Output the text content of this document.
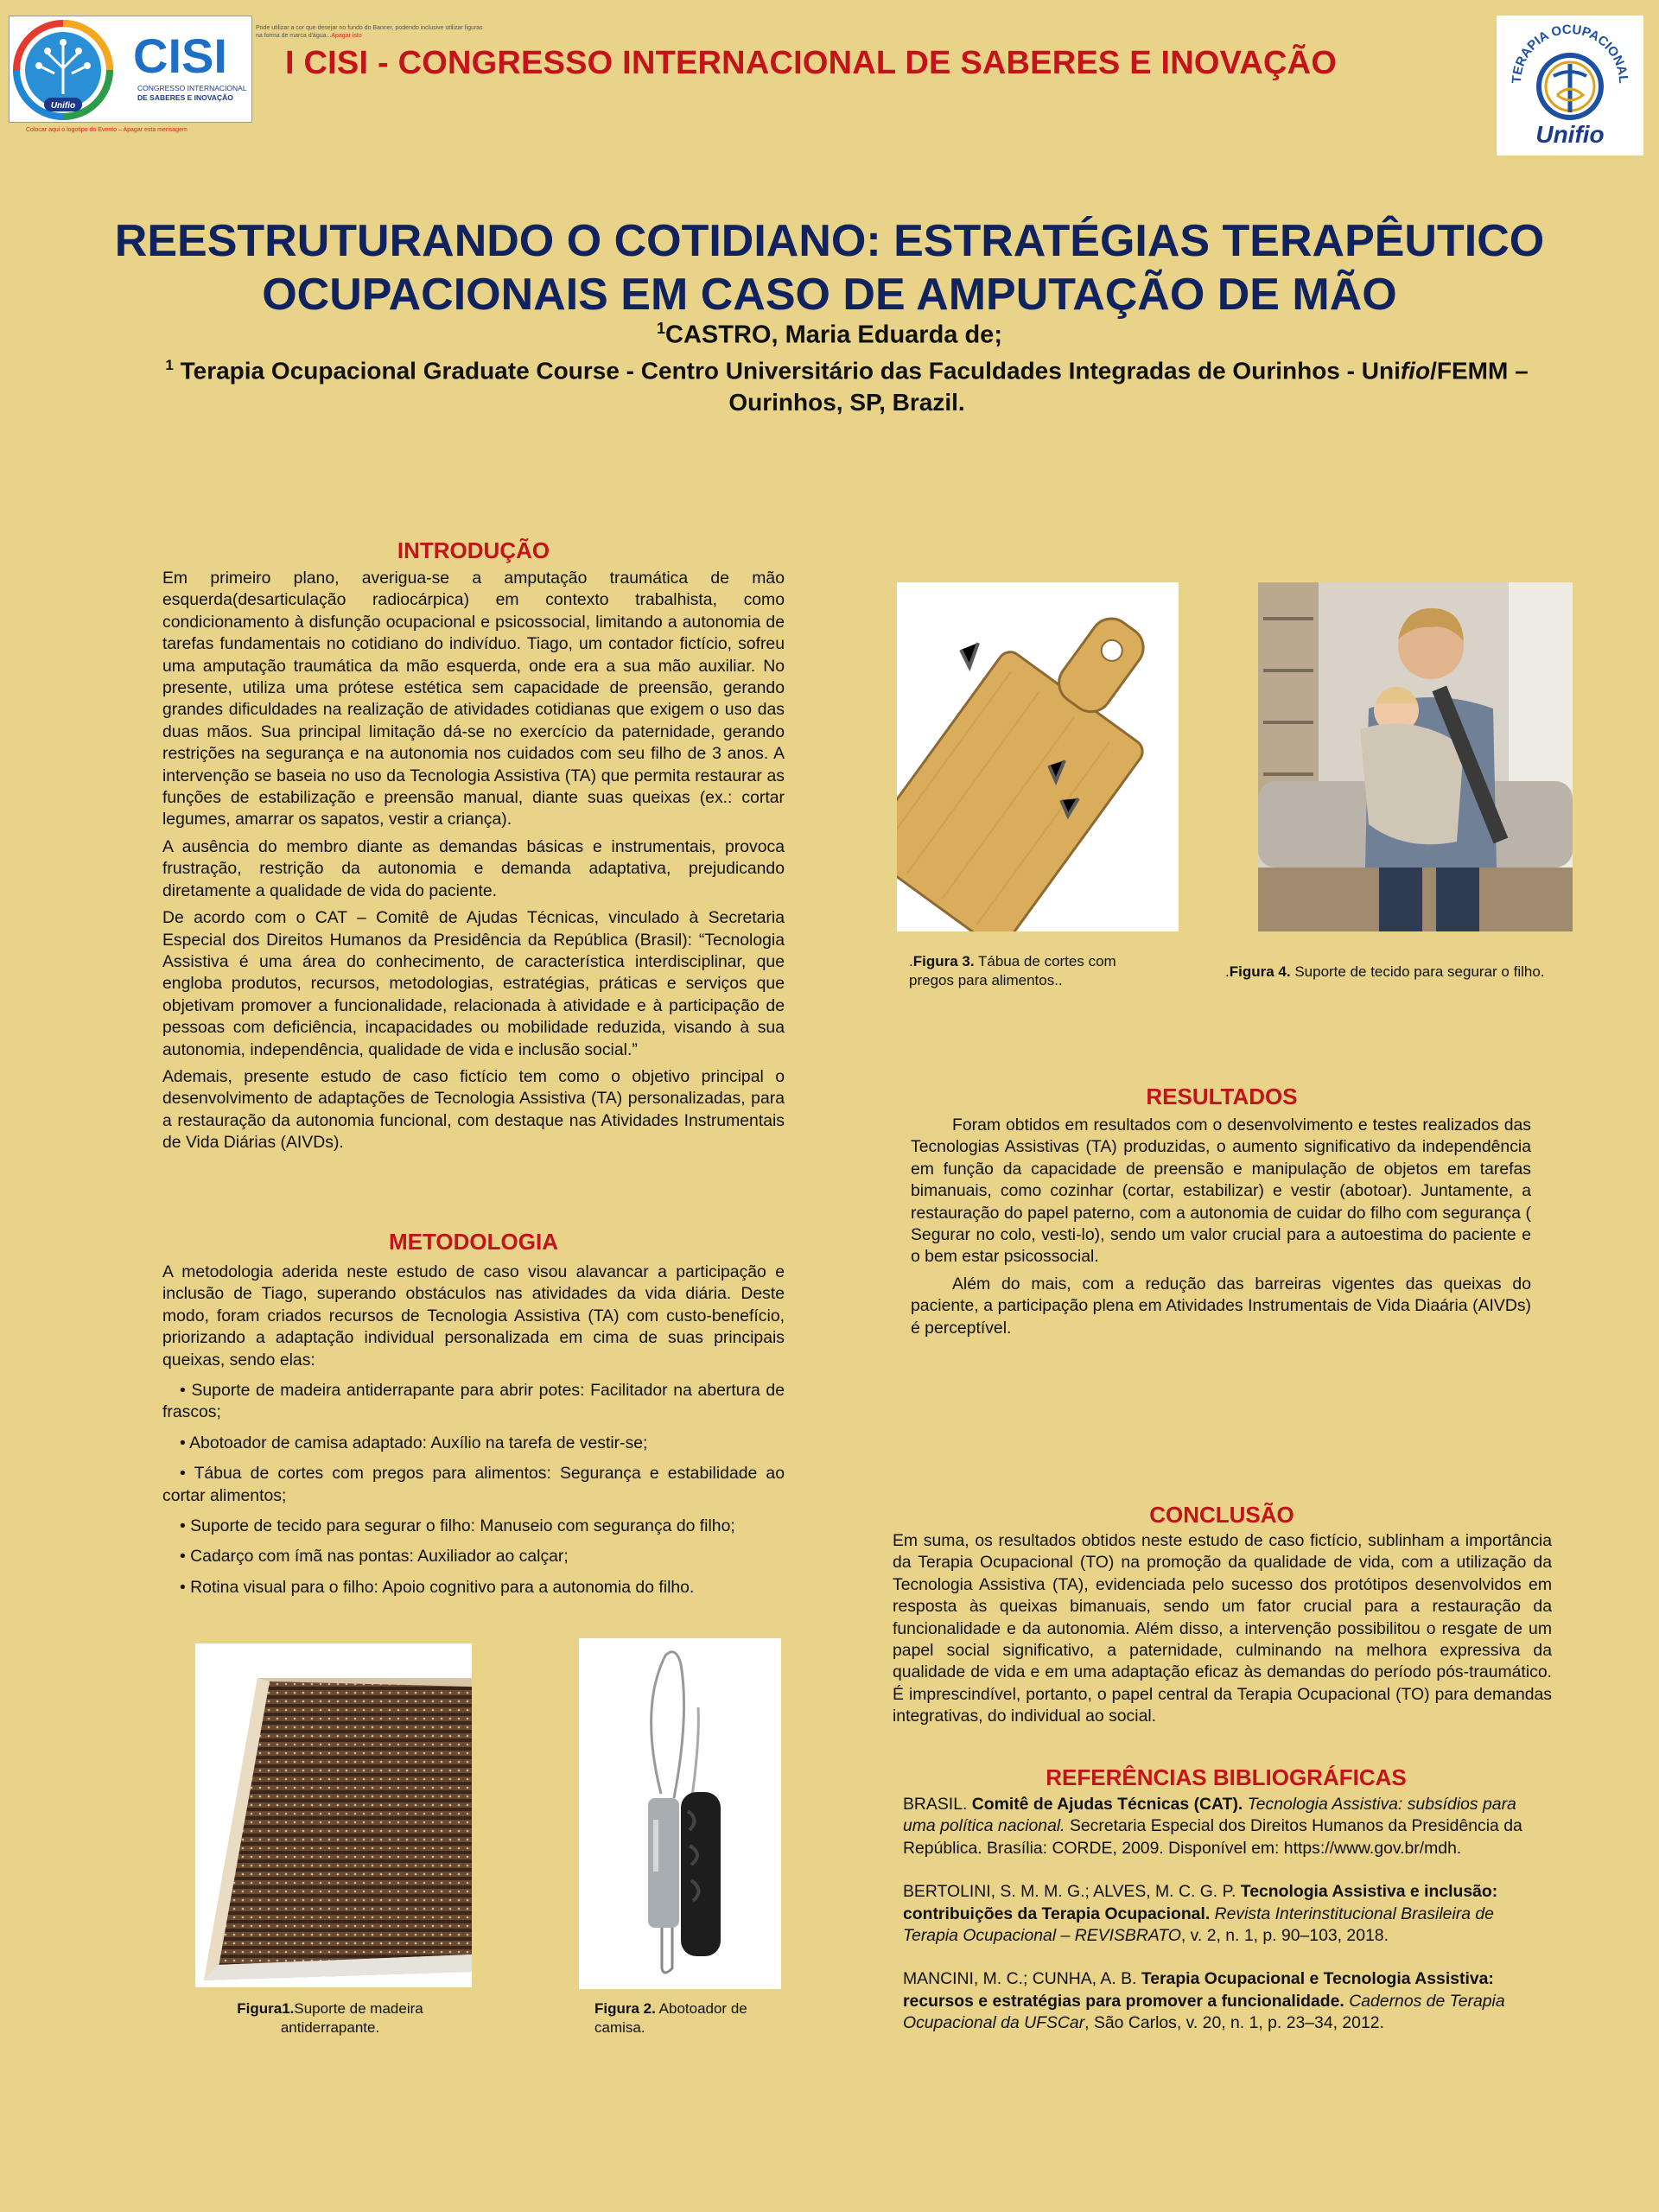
CISI
CONGRESSO INTERNACIONAL
DE SABERES E INOVAÇÃO
Unifio
Pode utilizar a cor que desejar no fundo do Banner, podendo inclusive utilizar figuras
na forma de marca d'água...Apagar isto
Colocar aqui o logotipo do Evento – Apagar esta mensagem
I CISI - CONGRESSO INTERNACIONAL DE SABERES E INOVAÇÃO	TERAPIA OCUPACIONAL
Unifio
REESTRUTURANDO O COTIDIANO: ESTRATÉGIAS TERAPÊUTICO
OCUPACIONAIS EM CASO DE AMPUTAÇÃO DE MÃO
$^1$CASTRO, Maria Eduarda de;
$^1$ Terapia Ocupacional Graduate Course - Centro Universitário das Faculdades Integradas de Ourinhos - Unifio/FEMM –
Ourinhos, SP, Brazil.
INTRODUÇÃO

Em primeiro plano, averigua-se a amputação traumática de mão esquerda(desarticulação radiocárpica) em contexto trabalhista, como condicionamento à disfunção ocupacional e psicossocial, limitando a autonomia de tarefas fundamentais no cotidiano do indivíduo. Tiago, um contador fictício, sofreu uma amputação traumática da mão esquerda, onde era a sua mão auxiliar. No presente, utiliza uma prótese estética sem capacidade de preensão, gerando grandes dificuldades na realização de atividades cotidianas que exigem o uso das duas mãos. Sua principal limitação dá-se no exercício da paternidade, gerando restrições na segurança e na autonomia nos cuidados com seu filho de 3 anos. A intervenção se baseia no uso da Tecnologia Assistiva (TA) que permita restaurar as funções de estabilização e preensão manual, diante suas queixas (ex.: cortar legumes, amarrar os sapatos, vestir a criança).

A ausência do membro diante as demandas básicas e instrumentais, provoca frustração, restrição da autonomia e demanda adaptativa, prejudicando diretamente a qualidade de vida do paciente.

De acordo com o CAT – Comitê de Ajudas Técnicas, vinculado à Secretaria Especial dos Direitos Humanos da Presidência da República (Brasil): “Tecnologia Assistiva é uma área do conhecimento, de característica interdisciplinar, que engloba produtos, recursos, metodologias, estratégias, práticas e serviços que objetivam promover a funcionalidade, relacionada à atividade e à participação de pessoas com deficiência, incapacidades ou mobilidade reduzida, visando à sua autonomia, independência, qualidade de vida e inclusão social.”

Ademais, presente estudo de caso fictício tem como o objetivo principal o desenvolvimento de adaptações de Tecnologia Assistiva (TA) personalizadas, para a restauração da autonomia funcional, com destaque nas Atividades Instrumentais de Vida Diárias (AIVDs).

METODOLOGIA

A metodologia aderida neste estudo de caso visou alavancar a participação e inclusão de Tiago, superando obstáculos nas atividades da vida diária. Deste modo, foram criados recursos de Tecnologia Assistiva (TA) com custo-benefício, priorizando a adaptação individual personalizada em cima de suas principais queixas, sendo elas:

• Suporte de madeira antiderrapante para abrir potes: Facilitador na abertura de frascos;
• Abotoador de camisa adaptado: Auxílio na tarefa de vestir-se;
• Tábua de cortes com pregos para alimentos: Segurança e estabilidade ao cortar alimentos;
• Suporte de tecido para segurar o filho: Manuseio com segurança do filho;
• Cadarço com ímã nas pontas: Auxiliador ao calçar;
• Rotina visual para o filho: Apoio cognitivo para a autonomia do filho.
Figura1.Suporte de madeira
antiderrapante.
Figura 2. Abotoador de
camisa.
.Figura 3. Tábua de cortes com
pregos para alimentos..
.Figura 4. Suporte de tecido para segurar o filho.
RESULTADOS

Foram obtidos em resultados com o desenvolvimento e testes realizados das Tecnologias Assistivas (TA) produzidas, o aumento significativo da independência em função da capacidade de preensão e manipulação de objetos em tarefas bimanuais, como cozinhar (cortar, estabilizar) e vestir (abotoar). Juntamente, a restauração do papel paterno, com a autonomia de cuidar do filho com segurança ( Segurar no colo, vesti-lo), sendo um valor crucial para a autoestima do paciente e o bem estar psicossocial.

Além do mais, com a redução das barreiras vigentes das queixas do paciente, a participação plena em Atividades Instrumentais de Vida Diaária (AIVDs) é perceptível.

CONCLUSÃO
Em suma, os resultados obtidos neste estudo de caso fictício, sublinham a importância da Terapia Ocupacional (TO) na promoção da qualidade de vida, com a utilização da Tecnologia Assistiva (TA), evidenciada pelo sucesso dos protótipos desenvolvidos em resposta às queixas bimanuais, sendo um fator crucial para a restauração da funcionalidade e da autonomia. Além disso, a intervenção possibilitou o resgate de um papel social significativo, a paternidade, culminando na melhora expressiva da qualidade de vida e em uma adaptação eficaz às demandas do período pós-traumático. É imprescindível, portanto, o papel central da Terapia Ocupacional (TO) para demandas integrativas, do individual ao social.
REFERÊNCIAS BIBLIOGRÁFICAS
BRASIL. Comitê de Ajudas Técnicas (CAT). Tecnologia Assistiva: subsídios para uma política nacional. Secretaria Especial dos Direitos Humanos da Presidência da República. Brasília: CORDE, 2009. Disponível em: https://www.gov.br/mdh.
BERTOLINI, S. M. M. G.; ALVES, M. C. G. P. Tecnologia Assistiva e inclusão: contribuições da Terapia Ocupacional. Revista Interinstitucional Brasileira de Terapia Ocupacional – REVISBRATO, v. 2, n. 1, p. 90–103, 2018.
MANCINI, M. C.; CUNHA, A. B. Terapia Ocupacional e Tecnologia Assistiva: recursos e estratégias para promover a funcionalidade. Cadernos de Terapia Ocupacional da UFSCar, São Carlos, v. 20, n. 1, p. 23–34, 2012.
